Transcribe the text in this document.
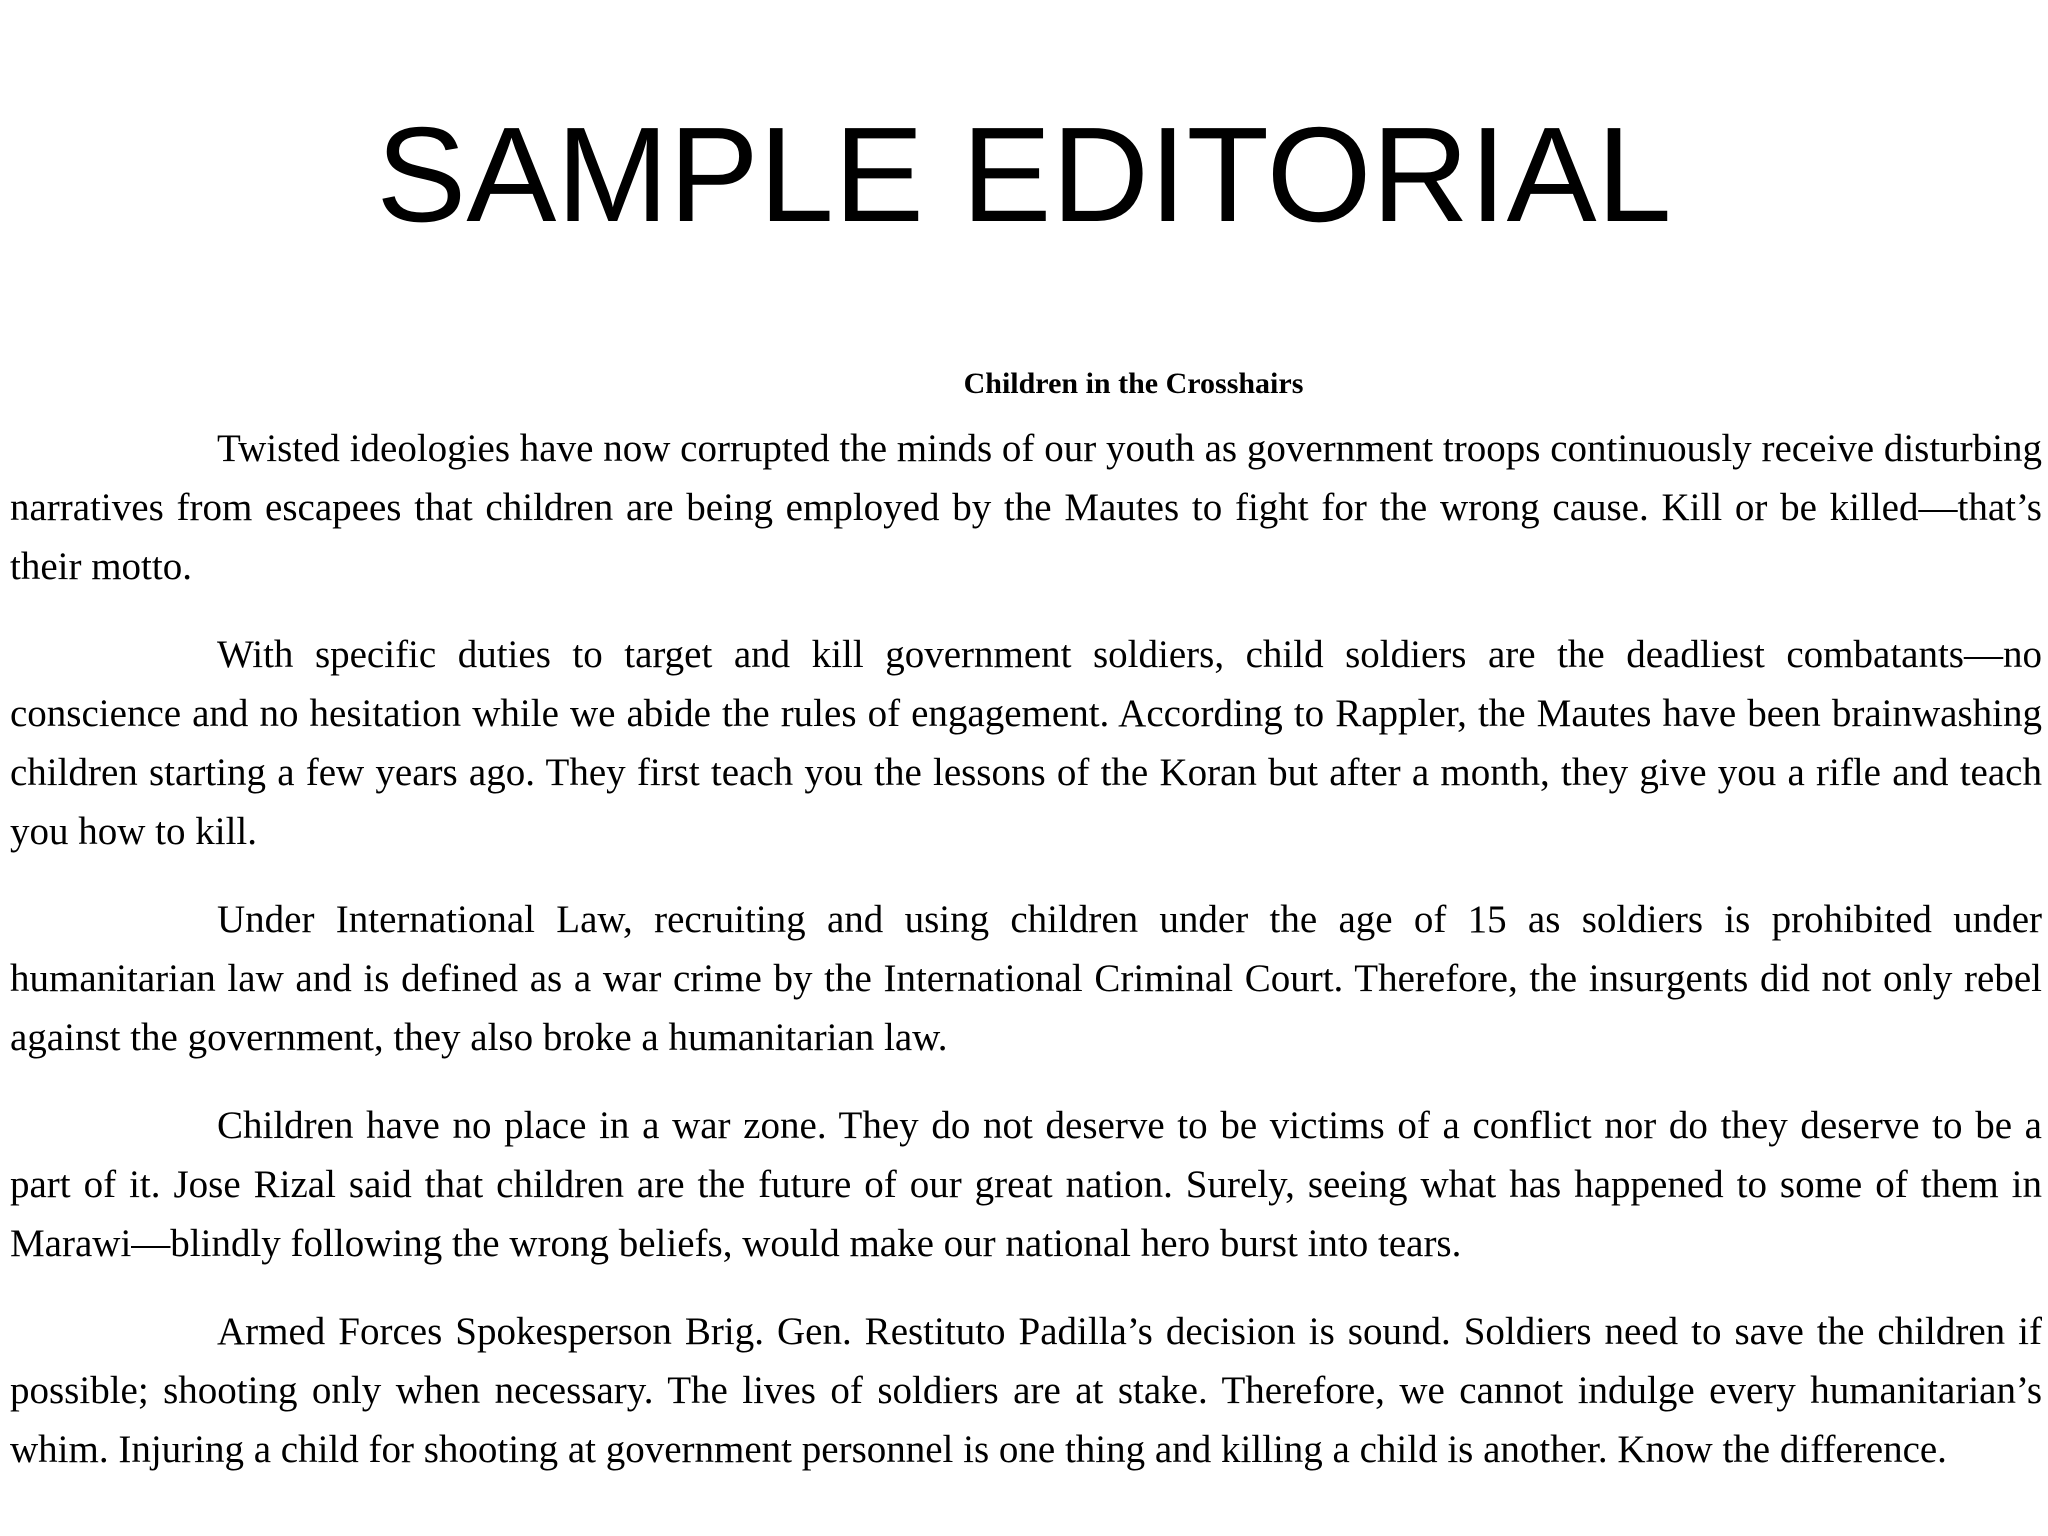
SAMPLE EDITORIAL
Children in the Crosshairs

Twisted ideologies have now corrupted the minds of our youth as government troops continuously receive disturbing narratives from escapees that children are being employed by the Mautes to fight for the wrong cause. Kill or be killed—that’s their motto.

With specific duties to target and kill government soldiers, child soldiers are the deadliest combatants—no conscience and no hesitation while we abide the rules of engagement. According to Rappler, the Mautes have been brainwashing children starting a few years ago. They first teach you the lessons of the Koran but after a month, they give you a rifle and teach you how to kill.

Under International Law, recruiting and using children under the age of 15 as soldiers is prohibited under humanitarian law and is defined as a war crime by the International Criminal Court. Therefore, the insurgents did not only rebel against the government, they also broke a humanitarian law.

Children have no place in a war zone. They do not deserve to be victims of a conflict nor do they deserve to be a part of it. Jose Rizal said that children are the future of our great nation. Surely, seeing what has happened to some of them in Marawi—blindly following the wrong beliefs, would make our national hero burst into tears.

Armed Forces Spokesperson Brig. Gen. Restituto Padilla’s decision is sound. Soldiers need to save the children if possible; shooting only when necessary. The lives of soldiers are at stake. Therefore, we cannot indulge every humanitarian’s whim. Injuring a child for shooting at government personnel is one thing and killing a child is another. Know the difference.
